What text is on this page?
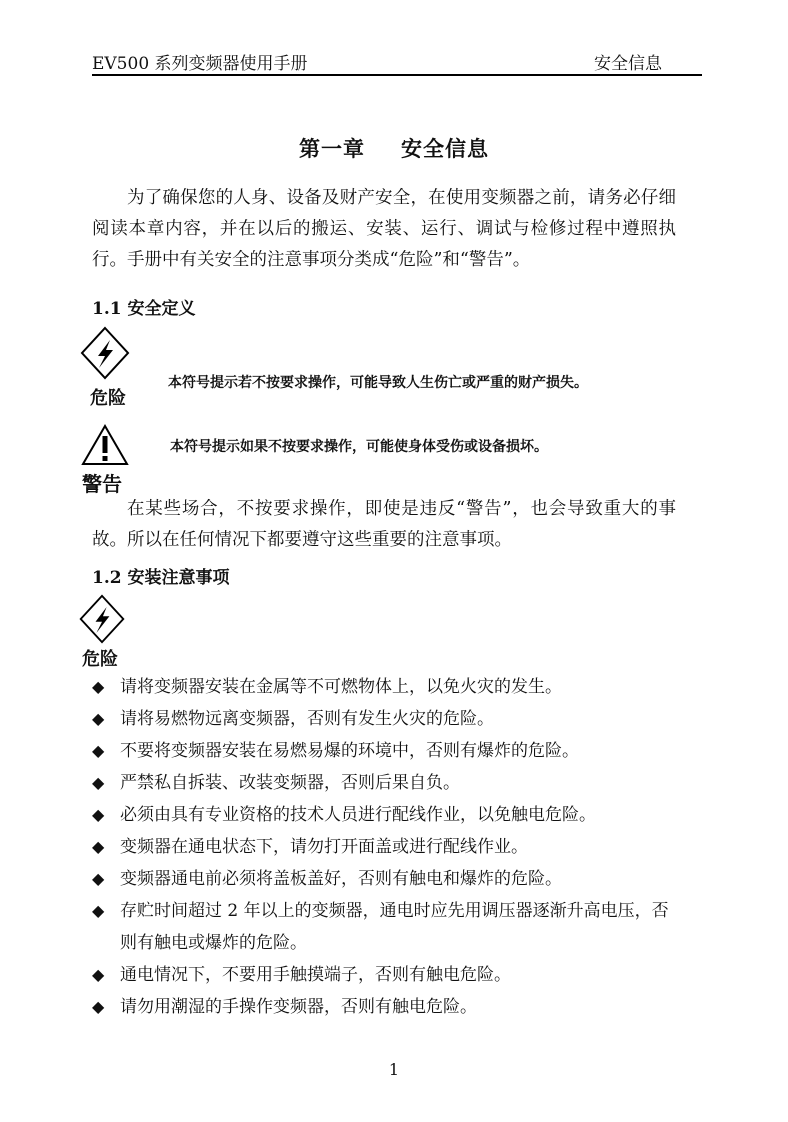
EV500 系列变频器使用手册	安全信息
第一章 安全信息
为了确保您的人身、设备及财产安全，在使用变频器之前，请务必仔细阅读本章内容，并在以后的搬运、安装、运行、调试与检修过程中遵照执行。手册中有关安全的注意事项分类成“危险”和“警告”。
1.1 安全定义
危险
本符号提示若不按要求操作，可能导致人生伤亡或严重的财产损失。
警告
本符号提示如果不按要求操作，可能使身体受伤或设备损坏。
在某些场合，不按要求操作，即使是违反“警告”，也会导致重大的事故。所以在任何情况下都要遵守这些重要的注意事项。
1.2 安装注意事项
危险
◆ 请将变频器安装在金属等不可燃物体上，以免火灾的发生。
◆ 请将易燃物远离变频器，否则有发生火灾的危险。
◆ 不要将变频器安装在易燃易爆的环境中，否则有爆炸的危险。
◆ 严禁私自拆装、改装变频器，否则后果自负。
◆ 必须由具有专业资格的技术人员进行配线作业，以免触电危险。
◆ 变频器在通电状态下，请勿打开面盖或进行配线作业。
◆ 变频器通电前必须将盖板盖好，否则有触电和爆炸的危险。
◆ 存贮时间超过 2 年以上的变频器，通电时应先用调压器逐渐升高电压，否则有触电或爆炸的危险。
◆ 通电情况下，不要用手触摸端子，否则有触电危险。
◆ 请勿用潮湿的手操作变频器，否则有触电危险。
1
